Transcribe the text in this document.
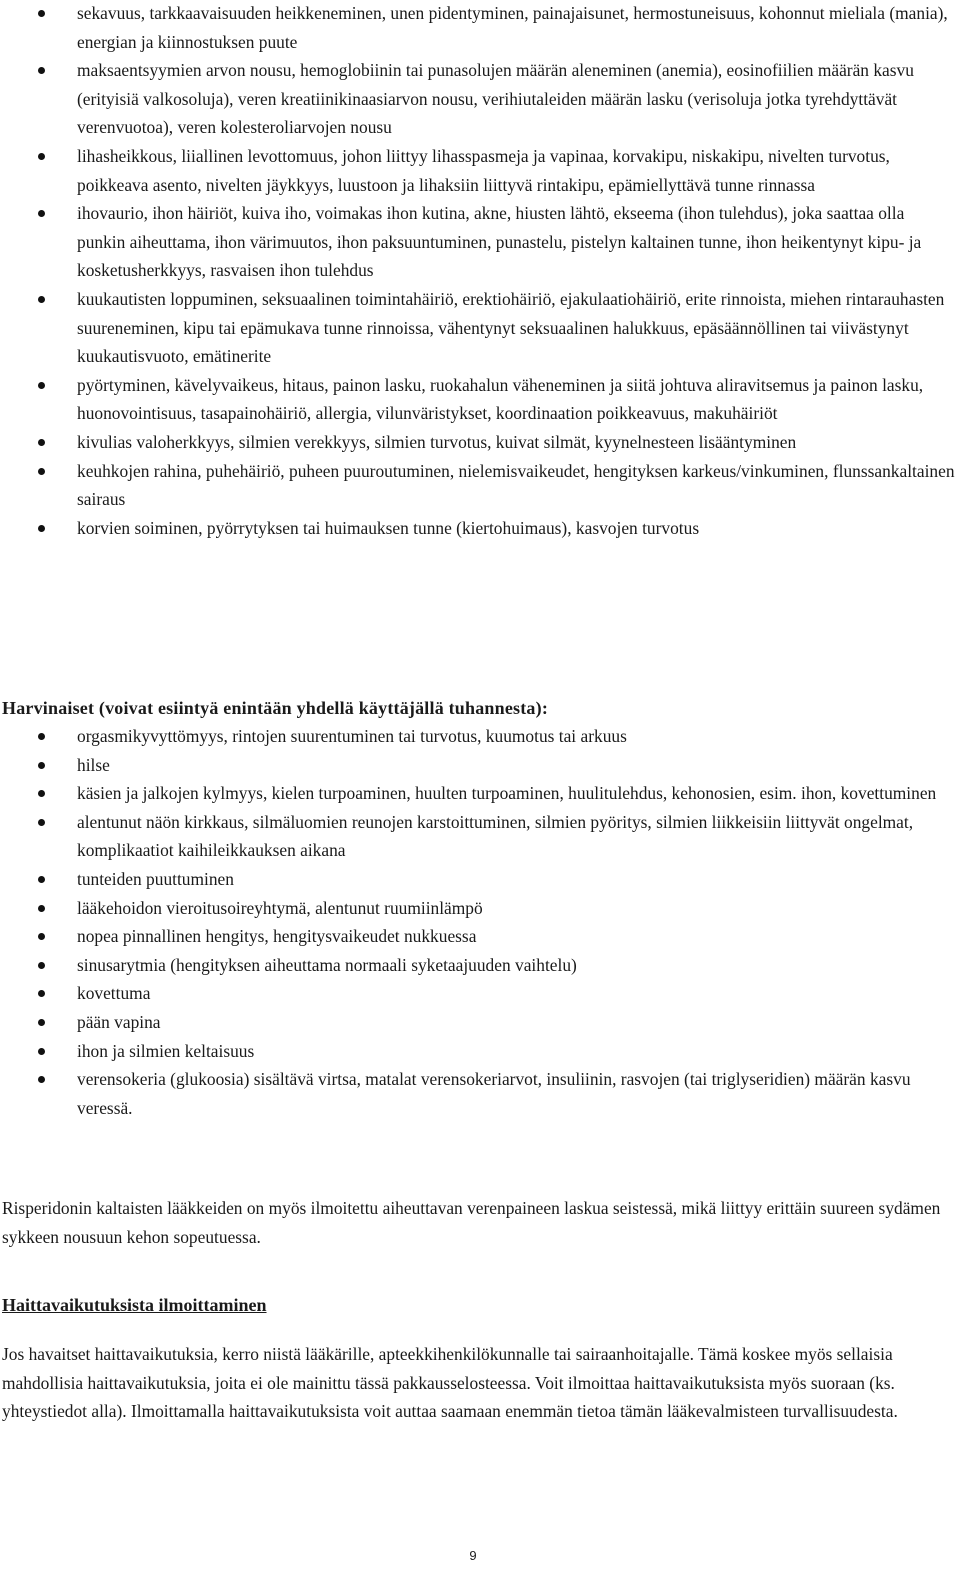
sekavuus, tarkkaavaisuuden heikkeneminen, unen pidentyminen, painajaisunet, hermostuneisuus, kohonnut mieliala (mania), energian ja kiinnostuksen puute
maksaentsyymien arvon nousu, hemoglobiinin tai punasolujen määrän aleneminen (anemia), eosinofiilien määrän kasvu (erityisiä valkosoluja), veren kreatiinikinaasiarvon nousu, verihiutaleiden määrän lasku (verisoluja jotka tyrehdyttävät verenvuotoa), veren kolesteroliarvojen nousu
lihasheikkous, liiallinen levottomuus, johon liittyy lihasspasmeja ja vapinaa, korvakipu, niskakipu, nivelten turvotus, poikkeava asento, nivelten jäykkyys, luustoon ja lihaksiin liittyvä rintakipu, epämiellyttävä tunne rinnassa
ihovaurio, ihon häiriöt, kuiva iho, voimakas ihon kutina, akne, hiusten lähtö, ekseema (ihon tulehdus), joka saattaa olla punkin aiheuttama, ihon värimuutos, ihon paksuuntuminen, punastelu, pistelyn kaltainen tunne, ihon heikentynyt kipu- ja kosketusherkkyys, rasvaisen ihon tulehdus
kuukautisten loppuminen, seksuaalinen toimintahäiriö, erektiohäiriö, ejakulaatiohäiriö, erite rinnoista, miehen rintarauhasten suureneminen, kipu tai epämukava tunne rinnoissa, vähentynyt seksuaalinen halukkuus, epäsäännöllinen tai viivästynyt kuukautisvuoto, emätinerite
pyörtyminen, kävelyvaikeus, hitaus, painon lasku, ruokahalun väheneminen ja siitä johtuva aliravitsemus ja painon lasku, huonovointisuus, tasapainohäiriö, allergia, vilunväristykset, koordinaation poikkeavuus, makuhäiriöt
kivulias valoherkkyys, silmien verekkyys, silmien turvotus, kuivat silmät, kyynelnesteen lisääntyminen
keuhkojen rahina, puhehäiriö, puheen puuroutuminen, nielemisvaikeudet, hengityksen karkeus/vinkuminen, flunssankaltainen sairaus
korvien soiminen, pyörrytyksen tai huimauksen tunne (kiertohuimaus), kasvojen turvotus

Harvinaiset (voivat esiintyä enintään yhdellä käyttäjällä tuhannesta):

orgasmikyvyttömyys, rintojen suurentuminen tai turvotus, kuumotus tai arkuus
hilse
käsien ja jalkojen kylmyys, kielen turpoaminen, huulten turpoaminen, huulitulehdus, kehonosien, esim. ihon, kovettuminen
alentunut näön kirkkaus, silmäluomien reunojen karstoittuminen, silmien pyöritys, silmien liikkeisiin liittyvät ongelmat, komplikaatiot kaihileikkauksen aikana
tunteiden puuttuminen
lääkehoidon vieroitusoireyhtymä, alentunut ruumiinlämpö
nopea pinnallinen hengitys, hengitysvaikeudet nukkuessa
sinusarytmia (hengityksen aiheuttama normaali syketaajuuden vaihtelu)
kovettuma
pään vapina
ihon ja silmien keltaisuus
verensokeria (glukoosia) sisältävä virtsa, matalat verensokeriarvot, insuliinin, rasvojen (tai triglyseridien) määrän kasvu veressä.

Risperidonin kaltaisten lääkkeiden on myös ilmoitettu aiheuttavan verenpaineen laskua seistessä, mikä liittyy erittäin suureen sydämen sykkeen nousuun kehon sopeutuessa.

Haittavaikutuksista ilmoittaminen

Jos havaitset haittavaikutuksia, kerro niistä lääkärille, apteekkihenkilökunnalle tai sairaanhoitajalle. Tämä koskee myös sellaisia mahdollisia haittavaikutuksia, joita ei ole mainittu tässä pakkausselosteessa. Voit ilmoittaa haittavaikutuksista myös suoraan (ks. yhteystiedot alla). Ilmoittamalla haittavaikutuksista voit auttaa saamaan enemmän tietoa tämän lääkevalmisteen turvallisuudesta.

9
